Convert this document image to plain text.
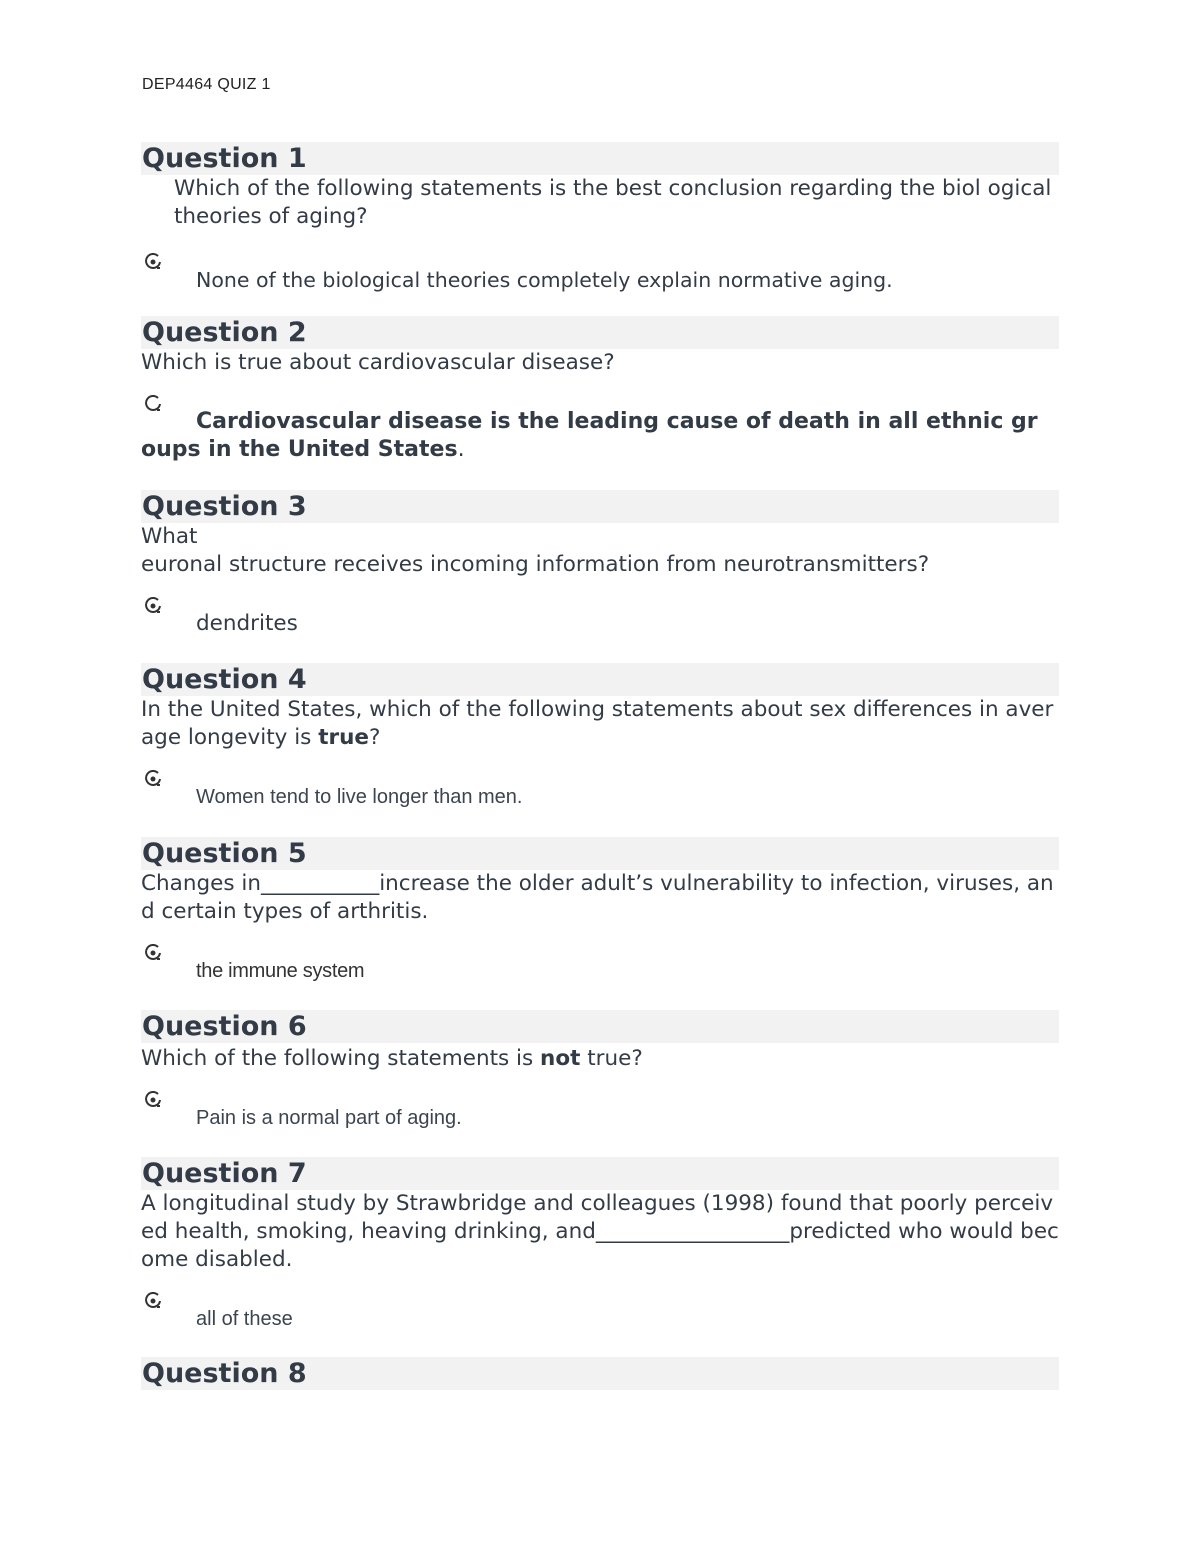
DEP4464 QUIZ 1
Question 1
Which of the following statements is the best conclusion regarding the biol ogical theories of aging?
None of the biological theories completely explain normative aging.
Question 2
Which is true about cardiovascular disease?
Cardiovascular disease is the leading cause of death in all ethnic groups in the United States.
Question 3
What
euronal structure receives incoming information from neurotransmitters?
dendrites
Question 4
In the United States, which of the following statements about sex differences in average longevity is true?
Women tend to live longer than men.
Question 5
Changes in___________increase the older adult’s vulnerability to infection, viruses, and certain types of arthritis.
the immune system
Question 6
Which of the following statements is not true?
Pain is a normal part of aging.
Question 7
A longitudinal study by Strawbridge and colleagues (1998) found that poorly perceived health, smoking, heaving drinking, and__________________predicted who would become disabled.
all of these
Question 8
